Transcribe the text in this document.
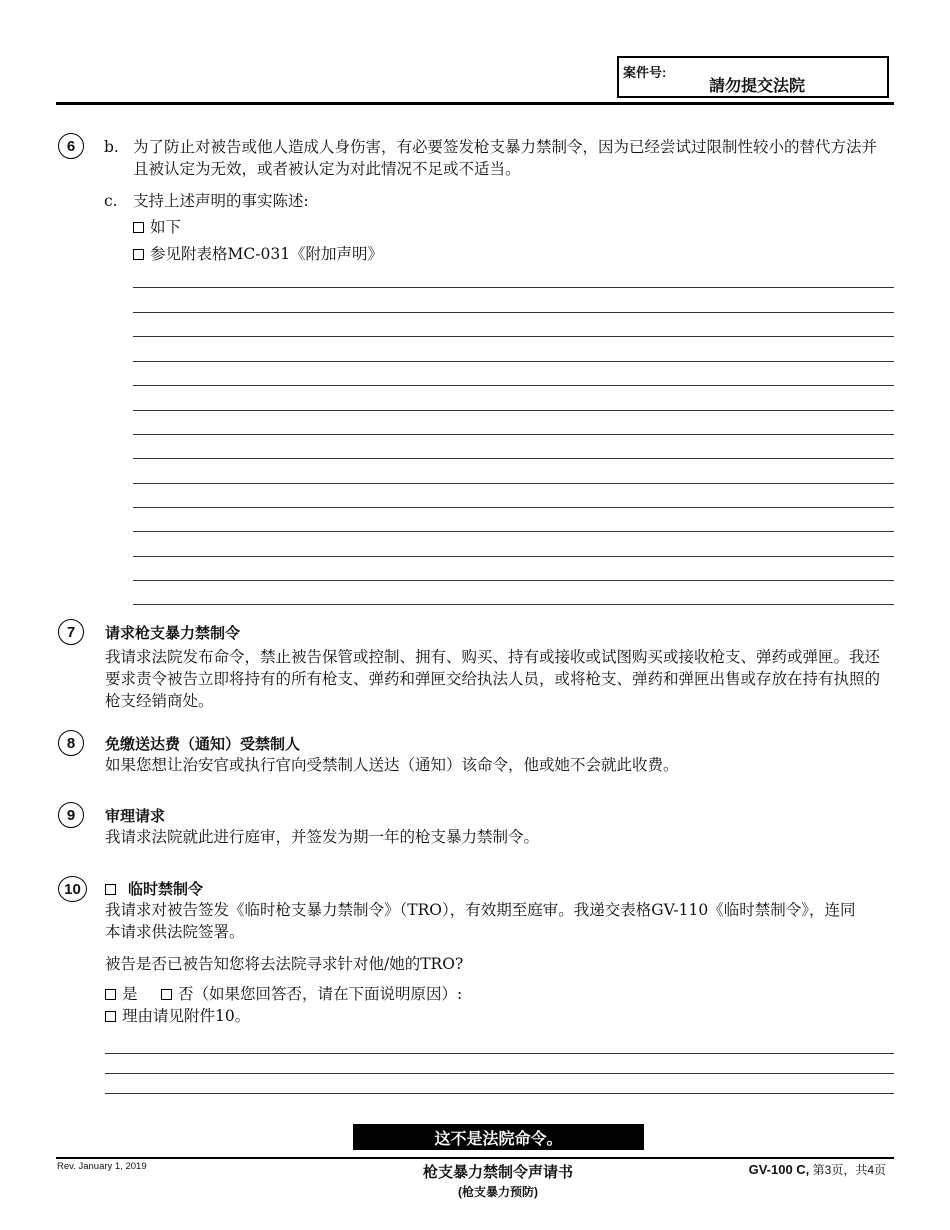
案件号:
請勿提交法院
6	b. 为了防止对被告或他人造成人身伤害，有必要签发枪支暴力禁制令，因为已经尝试过限制性较小的替代方法并且被认定为无效，或者被认定为对此情况不足或不适当。
c. 支持上述声明的事实陈述:
如下
参见附表格MC-031《附加声明》
7	请求枪支暴力禁制令
我请求法院发布命令，禁止被告保管或控制、拥有、购买、持有或接收或试图购买或接收枪支、弹药或弹匣。我还要求责令被告立即将持有的所有枪支、弹药和弹匣交给执法人员，或将枪支、弹药和弹匣出售或存放在持有执照的枪支经销商处。
8	免缴送达费（通知）受禁制人
如果您想让治安官或执行官向受禁制人送达（通知）该命令，他或她不会就此收费。
9	审理请求
我请求法院就此进行庭审，并签发为期一年的枪支暴力禁制令。
10	临时禁制令
我请求对被告签发《临时枪支暴力禁制令》（TRO），有效期至庭审。我递交表格GV-110《临时禁制令》，连同本请求供法院签署。
被告是否已被告知您将去法院寻求针对他/她的TRO?
是	否（如果您回答否，请在下面说明原因）:
理由请见附件10。
这不是法院命令。
Rev. January 1, 2019	枪支暴力禁制令声请书
(枪支暴力预防)
GV-100 C, 第3页，共4页
